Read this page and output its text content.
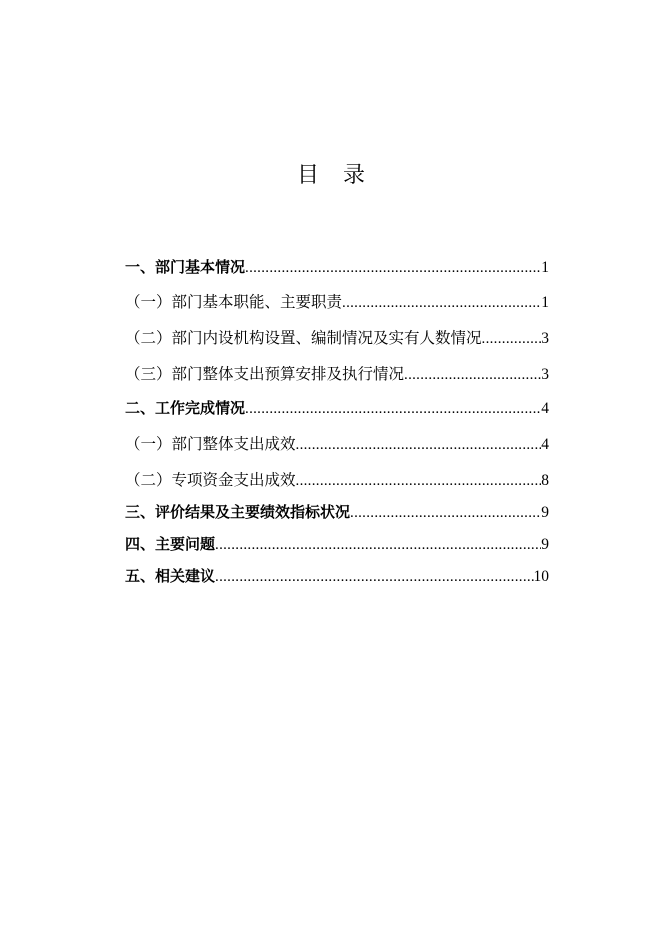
目录
一、部门基本情况 .....	1
（一）部门基本职能、主要职责 .....	1
（二）部门内设机构设置、编制情况及实有人数情况 .....	3
（三）部门整体支出预算安排及执行情况 .....	3
二、工作完成情况 .....	4
（一）部门整体支出成效 .....	4
（二）专项资金支出成效 .....	8
三、评价结果及主要绩效指标状况 .....	9
四、主要问题 .....	9
五、相关建议 .....	10
